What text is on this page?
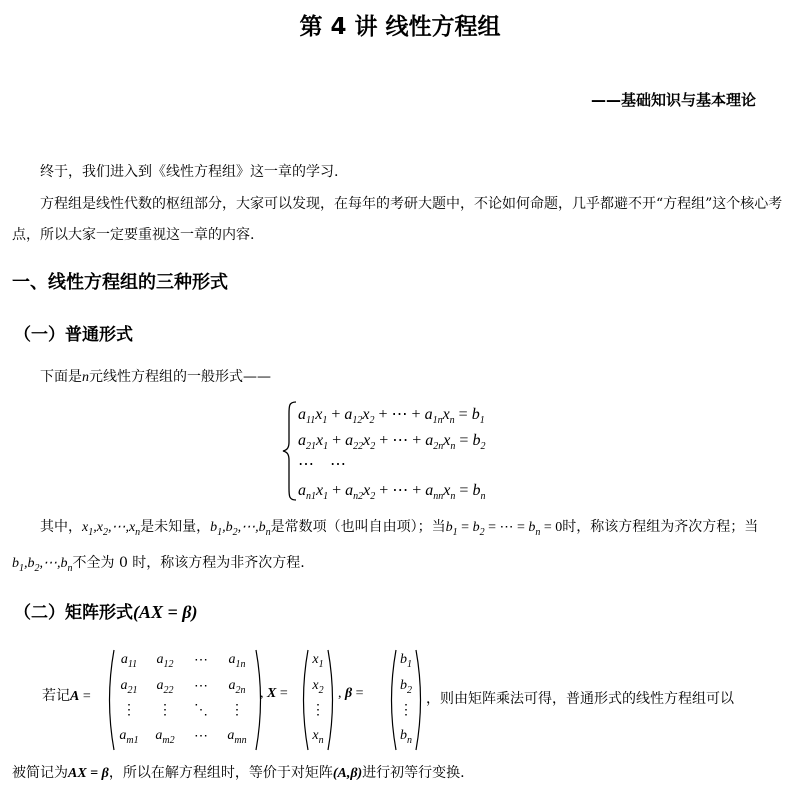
第 4 讲 线性方程组
——基础知识与基本理论
终于，我们进入到《线性方程组》这一章的学习.
方程组是线性代数的枢纽部分，大家可以发现，在每年的考研大题中，不论如何命题，几乎都避不开“方程组”这个核心考点，所以大家一定要重视这一章的内容.
一、线性方程组的三种形式
（一）普通形式
下面是n元线性方程组的一般形式——
$a_{11}x_1 + a_{12}x_2$ + ⋯ + $a_{1n}x_n = b_1$
$a_{21}x_1 + a_{22}x_2$ + ⋯ + $a_{2n}x_n = b_2$
⋯    ⋯
$a_{n1}x_1 + a_{n2}x_2$ + ⋯ + $a_{nn}x_n = b_n$
其中，$x_1,x_2,\cdots,x_n$是未知量，$b_1,b_2,\cdots,b_n$是常数项（也叫自由项）；当$b_1 = b_2$ = ⋯ = $b_n = 0$时，称该方程组为齐次方程；当$b_1,b_2,\cdots,b_n$不全为 0 时，称该方程为非齐次方程.
（二）矩阵形式(AX = β)
若记A =
$a_{11}$	$a_{12}$	⋯	$a_{1n}$
$a_{21}$	$a_{22}$	⋯	$a_{2n}$
⋮	⋮	⋱	⋮
$a_{m1}$	$a_{m2}$	⋯	$a_{mn}$
, X =
$x_1$
$x_2$
⋮
$x_n$
, β =
$b_1$
$b_2$
⋮
$b_n$
，则由矩阵乘法可得，普通形式的线性方程组可以
被简记为AX = β，所以在解方程组时，等价于对矩阵(A,β)进行初等行变换.
